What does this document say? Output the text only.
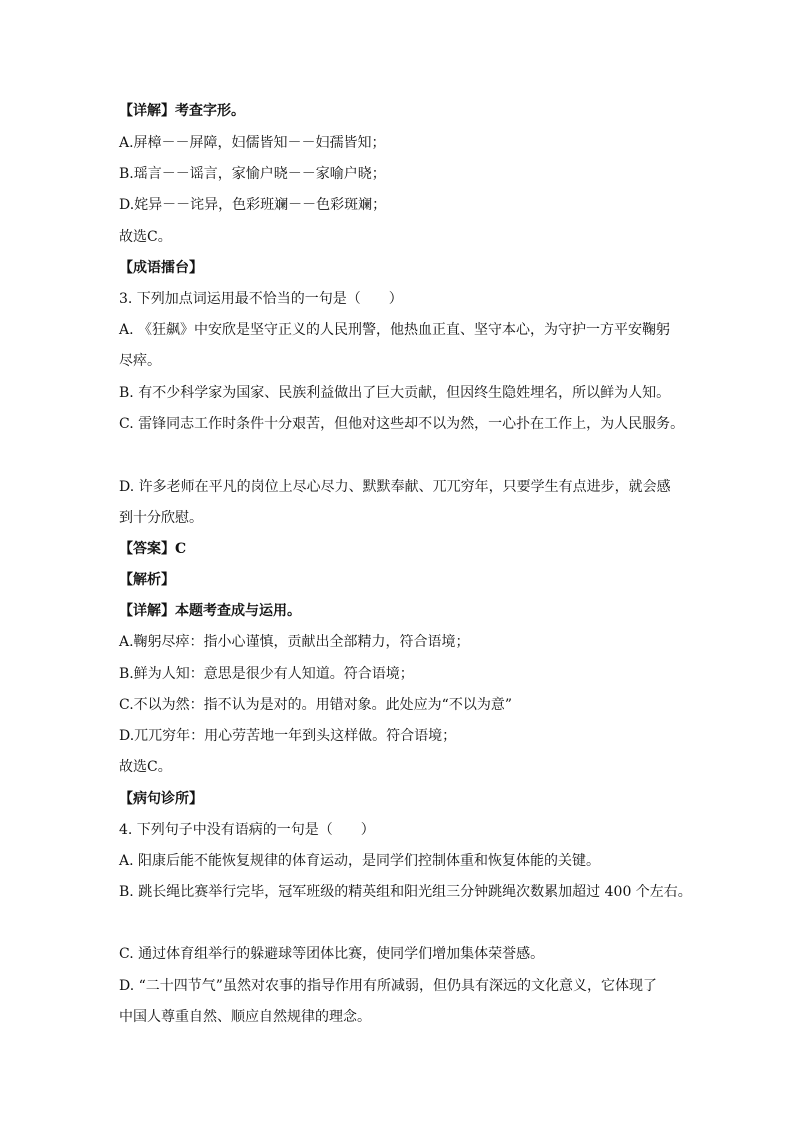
【详解】考查字形。
A.屏樟－－屏障，妇儒皆知－－妇孺皆知；
B.瑶言－－谣言，家愉户晓－－家喻户晓；
D.姹异－－诧异，色彩班斓－－色彩斑斓；
故选C。
【成语擂台】
3. 下列加点词运用最不恰当的一句是（　　）
A. 《狂飙》中安欣是坚守正义的人民刑警，他热血正直、坚守本心，为守护一方平安鞠躬
尽瘁。
B. 有不少科学家为国家、民族利益做出了巨大贡献，但因终生隐姓埋名，所以鲜为人知。
C. 雷锋同志工作时条件十分艰苦，但他对这些却不以为然，一心扑在工作上，为人民服务。
D. 许多老师在平凡的岗位上尽心尽力、默默奉献、兀兀穷年，只要学生有点进步，就会感
到十分欣慰。
【答案】C
【解析】
【详解】本题考查成与运用。
A.鞠躬尽瘁：指小心谨慎，贡献出全部精力，符合语境；
B.鲜为人知：意思是很少有人知道。符合语境；
C.不以为然：指不认为是对的。用错对象。此处应为“不以为意”
D.兀兀穷年：用心劳苦地一年到头这样做。符合语境；
故选C。
【病句诊所】
4. 下列句子中没有语病的一句是（　　）
A. 阳康后能不能恢复规律的体育运动，是同学们控制体重和恢复体能的关键。
B. 跳长绳比赛举行完毕，冠军班级的精英组和阳光组三分钟跳绳次数累加超过 400 个左右。
C. 通过体育组举行的躲避球等团体比赛，使同学们增加集体荣誉感。
D. “二十四节气”虽然对农事的指导作用有所减弱，但仍具有深远的文化意义，它体现了
中国人尊重自然、顺应自然规律的理念。
